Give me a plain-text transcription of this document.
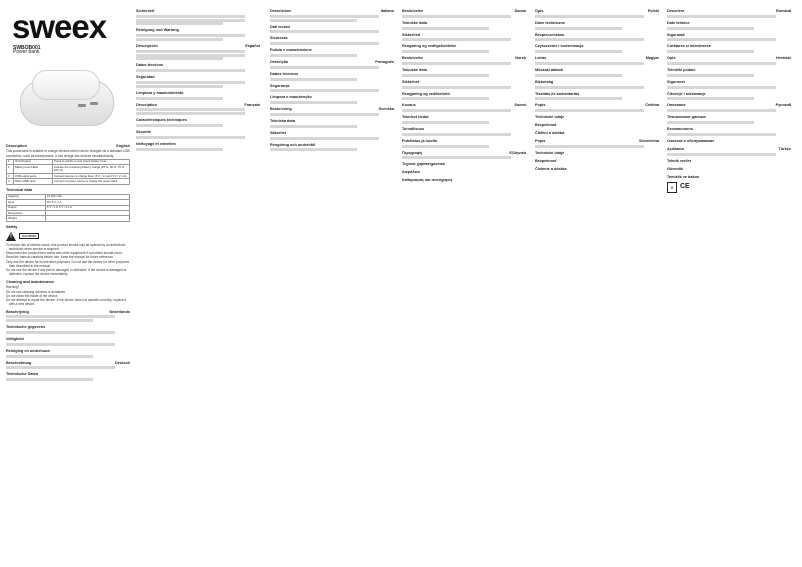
sweex
SWBOB001
Power bank
Description	English

This powerbank is suitable to charge devices which can be charged via a standard USB connection, such as smartphones. It can charge two devices simultaneously.

1	On/off button	Press to switch on and check battery level.
2	Battery level LEDs	Indicate the remaining battery charge (25 %, 50 %, 75 %, 100 %).
3	USB output ports	Connect devices to charge them (5 V / 1 A and 5 V / 2.1 A).
4	Micro-USB input	Connect to power source to charge the power bank.
Technical data
Capacity	10 400 mAh
Input	DC 5 V, 1 A
Output	5 V / 1 A, 5 V / 2.1 A
Dimensions	...
Weight	...
Safety
!	CAUTION

To reduce risk of electric shock, this product should only be opened by an authorized technician when service is required.

Disconnect the product from mains and other equipment if a problem should occur.

Read the manual carefully before use. Keep the manual for future reference.

Only use the device for its intended purposes. Do not use the device for other purposes than described in the manual.

Do not use the device if any part is damaged or defective. If the device is damaged or defective, replace the device immediately.

Cleaning and maintenance

Warning!

Do not use cleaning solvents or abrasives.

Do not clean the inside of the device.

Do not attempt to repair the device. If the device does not operate correctly, replace it with a new device.

Beschrijving	Nederlands
Technische gegevens
Veiligheid
Reiniging en onderhoud
Beschreibung	Deutsch
Technische Daten
Sicherheit
Reinigung und Wartung
Descripción	Español
Datos técnicos
Seguridad
Limpieza y mantenimiento
Description	Français
Caractéristiques techniques
Sécurité
Nettoyage et entretien
Descrizione	Italiano
Dati tecnici
Sicurezza
Pulizia e manutenzione
Descrição	Português
Dados técnicos
Segurança
Limpeza e manutenção
Beskrivning	Svenska
Tekniska data
Säkerhet
Rengöring och underhåll
Beskrivelse	Dansk
Tekniske data
Sikkerhed
Rengøring og vedligeholdelse
Beskrivelse	Norsk
Tekniske data
Sikkerhet
Rengjøring og vedlikehold
Kuvaus	Suomi
Tekniset tiedot
Turvallisuus
Puhdistus ja huolto
Περιγραφή	Ελληνικά
Τεχνικά χαρακτηριστικά
Ασφάλεια
Καθαρισμός και συντήρηση
Opis	Polski
Dane techniczne
Bezpieczeństwo
Czyszczenie i konserwacja
Leírás	Magyar
Műszaki adatok
Biztonság
Tisztítás és karbantartás
Popis	Čeština
Technické údaje
Bezpečnost
Čištění a údržba
Popis	Slovenčina
Technické údaje
Bezpečnosť
Čistenie a údržba
Descriere	Română
Date tehnice
Siguranță
Curățarea și întreținerea
Opis	Hrvatski
Tehnički podaci
Sigurnost
Čišćenje i održavanje
Описание	Русский
Технические данные
Безопасность
Очистка и обслуживание
Açıklama	Türkçe
Teknik veriler
Güvenlik
Temizlik ve bakım
✕ CE
